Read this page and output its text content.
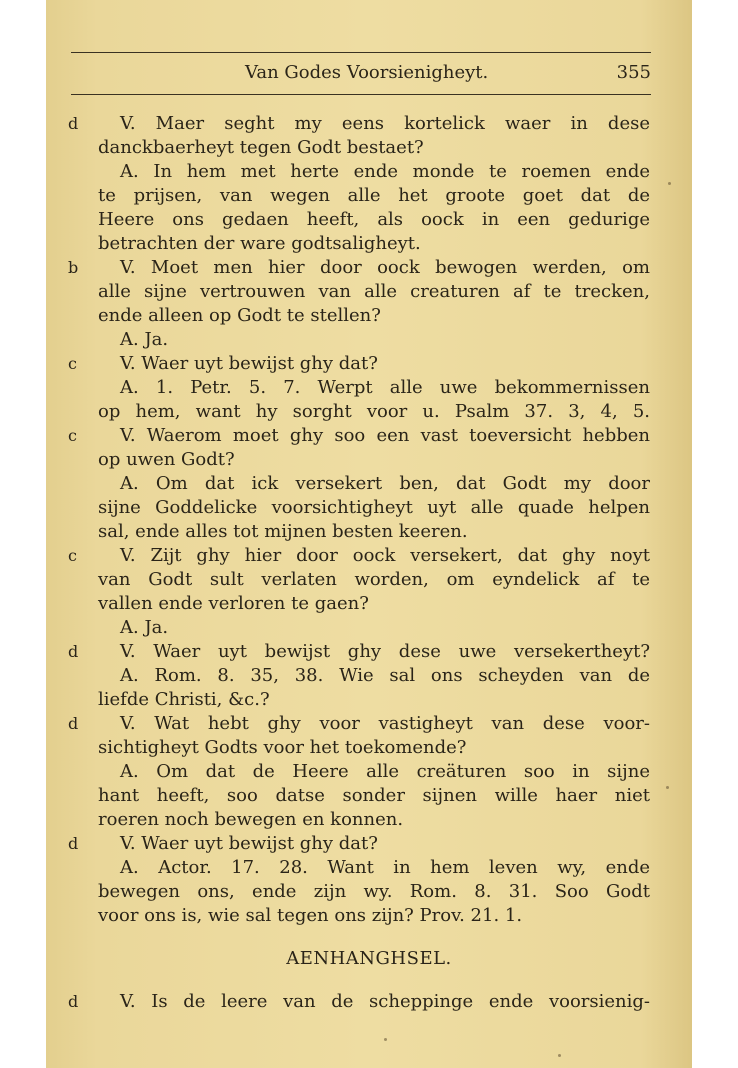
Van Godes Voorsienigheyt.	355
d V. Maer seght my eens kortelick waer in dese
danckbaerheyt tegen Godt bestaet?
A. In hem met herte ende monde te roemen ende
te prijsen, van wegen alle het groote goet dat de
Heere ons gedaen heeft, als oock in een gedurige
betrachten der ware godtsaligheyt.
b V. Moet men hier door oock bewogen werden, om
alle sijne vertrouwen van alle creaturen af te trecken,
ende alleen op Godt te stellen?
A. Ja.
c V. Waer uyt bewijst ghy dat?
A. 1. Petr. 5. 7. Werpt alle uwe bekommernissen
op hem, want hy sorght voor u. Psalm 37. 3, 4, 5.
c V. Waerom moet ghy soo een vast toeversicht hebben
op uwen Godt?
A. Om dat ick versekert ben, dat Godt my door
sijne Goddelicke voorsichtigheyt uyt alle quade helpen
sal, ende alles tot mijnen besten keeren.
c V. Zijt ghy hier door oock versekert, dat ghy noyt
van Godt sult verlaten worden, om eyndelick af te
vallen ende verloren te gaen?
A. Ja.
d V. Waer uyt bewijst ghy dese uwe versekertheyt?
A. Rom. 8. 35, 38. Wie sal ons scheyden van de
liefde Christi, &c.?
d V. Wat hebt ghy voor vastigheyt van dese voor-
sichtigheyt Godts voor het toekomende?
A. Om dat de Heere alle creäturen soo in sijne
hant heeft, soo datse sonder sijnen wille haer niet
roeren noch bewegen en konnen.
d V. Waer uyt bewijst ghy dat?
A. Actor. 17. 28. Want in hem leven wy, ende
bewegen ons, ende zijn wy. Rom. 8. 31. Soo Godt
voor ons is, wie sal tegen ons zijn? Prov. 21. 1.
AENHANGHSEL.
d V. Is de leere van de scheppinge ende voorsienig-
